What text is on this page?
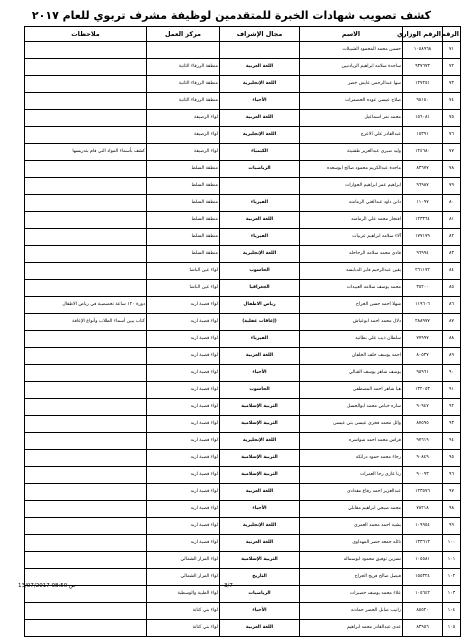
كشف تصويب شهادات الخبرة للمتقدمين لوظيفة مشرف تربوي للعام ٢٠١٧
الرقم	الرقم الوزاري	الاسم	مجال الإشراف	مركز العمل	ملاحظات
٧١	١٠٥٨٩٦٨	حسين محمد المحمود الشبيلات			
٧٢	٩٣٧٦٧٣	ساجدة سلامه ابراهيم الزيادنيين	اللغة العربية	منطقة الزرقاء الثانية	
٧٣	١٢٧٢٥١	سها عبدالرحمن عايش خضر	اللغة الإنجليزية	منطقة الزرقاء الثانية	
٧٤	٩٥١٥٠	صلاح عيسى عوده الخصمرات	الأحياء	منطقة الزرقاء الثانية	
٧٥	١٥٦٠٨١	محمد نمر اسماعيل	اللغة العربية	لواء الرصيفة	
٧٦	١٥٣٩١	عبدالقادر علي الاعرج	اللغة الإنجليزية	لواء الرصيفة	
٧٧	١٢٤٦٨٠	وليد صبري عبدالعزيز طشيتة	الكيمياء	لواء الرصيفة	كشف بأسماء المواد التي قام بتدريسها
٧٨	٨٣٦٧٧	ماجدة عبدالكريم محمود صالح ابوسعده	الرياضيات	منطقة السلط	
٧٩	٩٦٩٨٧	ابراهيم عمر ابراهيم الحوارات		منطقة السلط	
٨٠	١١٠٩٧	دانن داود عبدالغني الرمامنه	الفيزياء	منطقة السلط	
٨١	١٢٣٣٦٤	افتخار محمد علي الرمامنه	اللغة العربية	منطقة السلط	
٨٢	١٧٧١٧٩	آلاء سلامه ابراهيم عربيات	الفيزياء	منطقة السلط	
٨٣	٩٦٩٩٤	فادي محمد سلامه الرحاحله	اللغة الإنجليزية	منطقة السلط	
٨٤	٢٦١١٧٢	يقين عبدالرحيم فايز الدبابسه	الحاسوب	لواء عين الباشا	
٨٥	٣٥٢٠٠	محمد يوسف سلامه العبيدات	الجغرافيا	لواء عين الباشا	
٨٦	١١٩٦٠٦	شهلا احمد حسن الجراح	رياض الاطفال	لواء قصبة اربد	دورة ١٢٠ ساعة تخصصية في رياض الاطفال
٨٧	٢٨٨٩٧٧	دلال محمد احمد ابوعياش	(إعاقات عقلية)	لواء قصبة اربد	كتاب يبين أسماء الطلاب وأنواع الإعاقة
٨٨	٧٧٩٩٧	سلطان ذيب علي بطانيه	الفيزياء	لواء قصبة اربد	
٨٩	٨٠٥٣٧	احمد يوسف خلف الخلفان	اللغة العربية	لواء قصبة اربد	
٩٠	٩٥٩٦١	يوسف شاهر يوسف القبالي	الأحياء	لواء قصبة اربد	
٩١	١٣٢٠٥٣	هيا شاهر احمد المصطفى	الحاسوب	لواء قصبة اربد	
٩٢	٩٠٩٤٧	ساره خباص محمد ابوالحسل	التربية الإسلامية	لواء قصبة اربد	
٩٣	٨٧٥٩٥	وائل محمد فخري عيسى بني عيسى	التربية الإسلامية	لواء قصبة اربد	
٩٤	٩٧٦١٩	فراس محمد احمد شواشره	اللغة الإنجليزية	لواء قصبة اربد	
٩٥	٩٠٨٤٩	رجاء محمد حمود دراتكه	التربية الإسلامية	لواء قصبة اربد	
٩٦	٩٠٠٩٣	رنا غازي رجا العمرات	التربية الإسلامية	لواء قصبة اربد	
٩٧	١٢٣٥٧٦	عبدالعزيز احمد رفاع مقدادي	اللغة العربية	لواء قصبة اربد	
٩٨	٧٨٢١٨	محمد صبحي ابراهيم مقابلي	الأحياء	لواء قصبة اربد	
٩٩	١٠٩٩٥٤	بشيه احمد محمد العمري	اللغة الإنجليزية	لواء قصبة اربد	
١٠٠	١٣٣٦١٣	نائله جمعه خضر المهداوي	اللغة العربية	لواء قصبة اربد	
١٠١	١٠٥٥٨١	نسرين توفيق محمود ابوسماله	التربية الإسلامية	لواء المزار الشمالي	
١٠٢	١٥٥٣٢٤	فيصل صالح فريح الجراح	التاريخ	لواء المزار الشمالي	
١٠٣	١٠٥٦٤٢	علاء محمد يوسف خصبرات	الرياضيات	لواء الطيبة والوسطية	
١٠٤	٨٥٥٢٠	رانيب صابل الخضر حمادنه	الأحياء	لواء بني كنانة	
١٠٥	٨٣٩٥٦	عدي عبدالقادر محمد ابراهيم	اللغة العربية	لواء بني كنانة	
13/07/2017 ص 08:50	3/7
